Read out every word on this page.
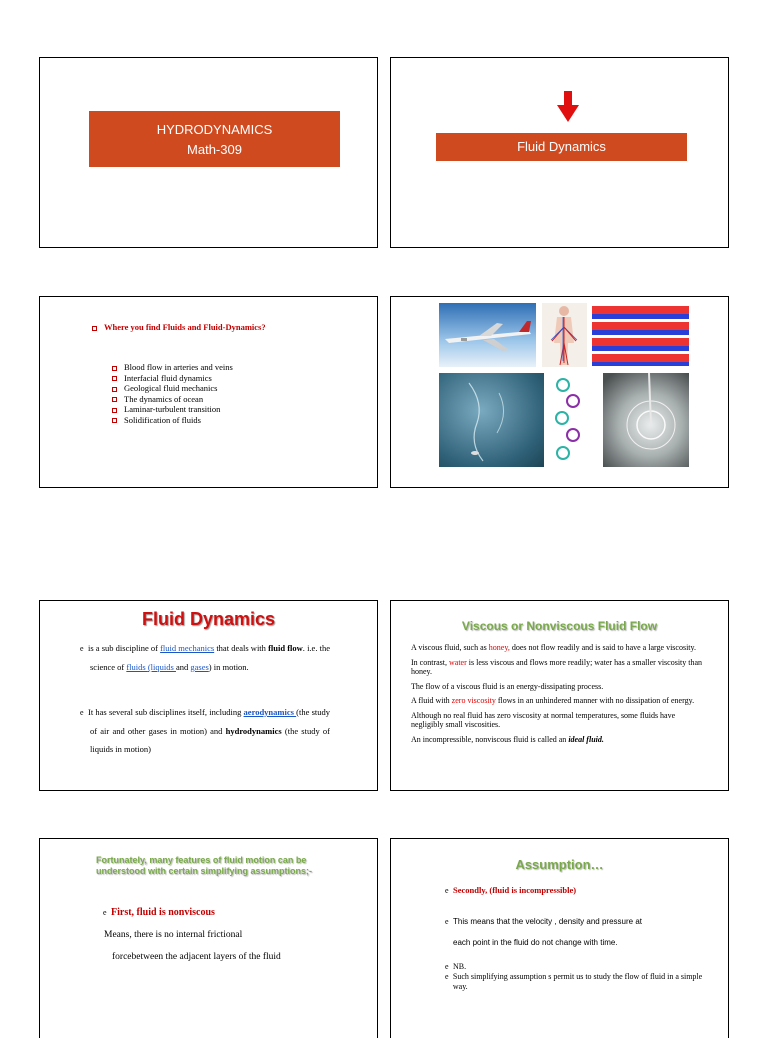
HYDRODYNAMICS
Math-309	Fluid Dynamics
Where you find Fluids and Fluid-Dynamics?
Blood flow in arteries and veins
Interfacial fluid dynamics
Geological fluid mechanics
The dynamics of ocean
Laminar-turbulent transition
Solidification of fluids
Fluid Dynamics
e is a sub discipline of fluid mechanics that deals with fluid flow. i.e. the science of fluids (liquids and gases) in motion.
e It has several sub disciplines itself, including aerodynamics (the study of air and other gases in motion) and hydrodynamics (the study of liquids in motion)
Viscous or Nonviscous Fluid Flow

A viscous fluid, such as honey, does not flow readily and is said to have a large viscosity.

In contrast, water is less viscous and flows more readily; water has a smaller viscosity than honey.

The flow of a viscous fluid is an energy-dissipating process.

A fluid with zero viscosity flows in an unhindered manner with no dissipation of energy.

Although no real fluid has zero viscosity at normal temperatures, some fluids have negligibly small viscosities.

An incompressible, nonviscous fluid is called an ideal fluid.

Fortunately, many features of fluid motion can be understood with certain simplifying assumptions;-
e First, fluid is nonviscous
Means, there is no internal frictional
forcebetween the adjacent layers of the fluid
Assumption…
e Secondly, (fluid is incompressible)
e This means that the velocity , density and pressure at
each point in the fluid do not change with time.
e NB.
e Such simplifying assumption s permit us to study the flow of fluid in a simple way.
